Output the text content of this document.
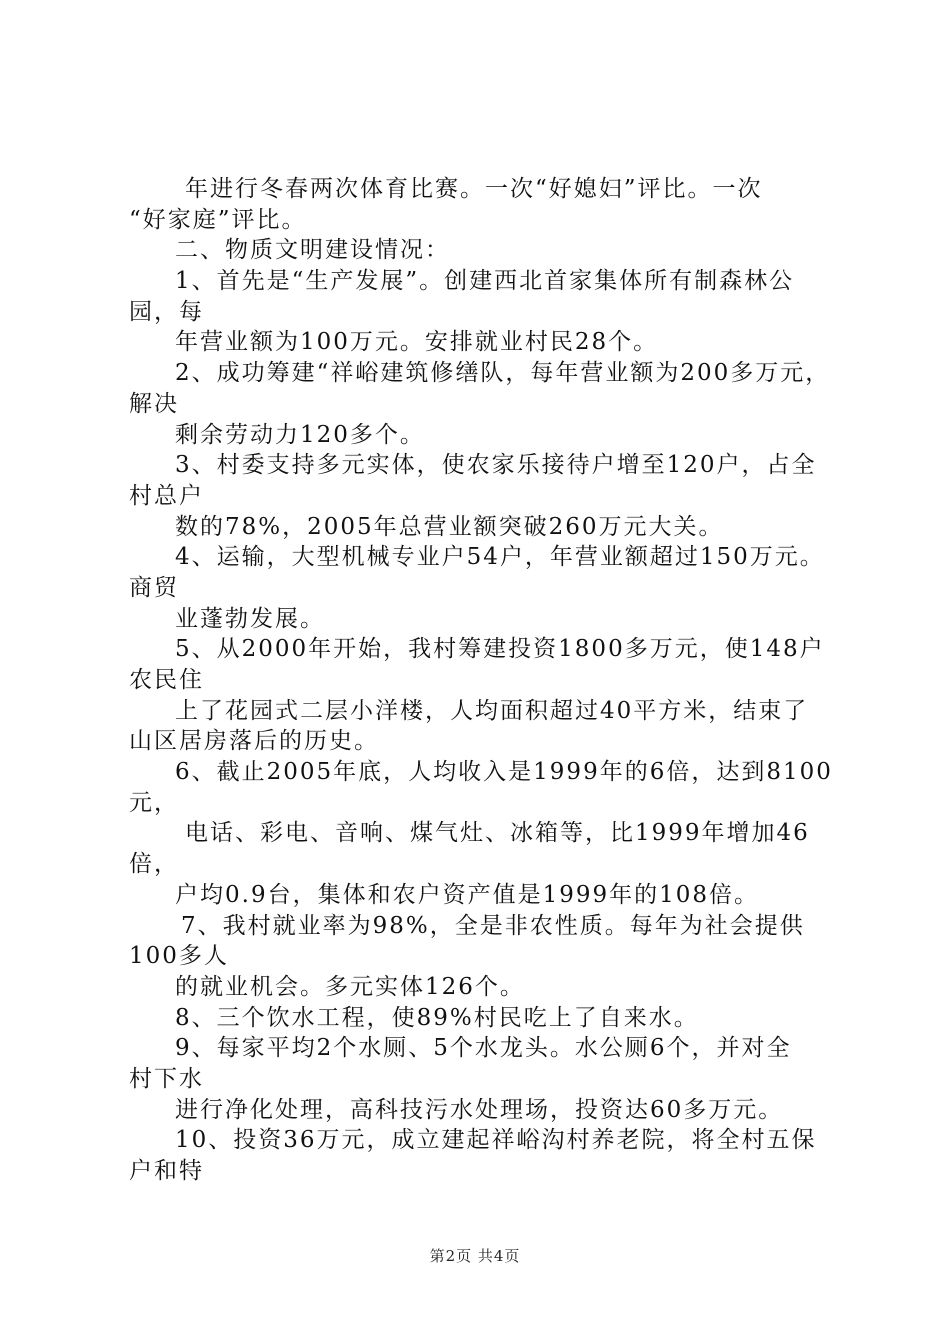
年进行冬春两次体育比赛。一次“好媳妇”评比。一次
“好家庭”评比。
二、物质文明建设情况：
1、首先是“生产发展”。创建西北首家集体所有制森林公
园，每
年营业额为100万元。安排就业村民28个。
2、成功筹建“祥峪建筑修缮队，每年营业额为200多万元，
解决
剩余劳动力120多个。
3、村委支持多元实体，使农家乐接待户增至120户，占全
村总户
数的78%，2005年总营业额突破260万元大关。
4、运输，大型机械专业户54户，年营业额超过150万元。
商贸
业蓬勃发展。
5、从2000年开始，我村筹建投资1800多万元，使148户
农民住
上了花园式二层小洋楼，人均面积超过40平方米，结束了
山区居房落后的历史。
6、截止2005年底，人均收入是1999年的6倍，达到8100
元，
电话、彩电、音响、煤气灶、冰箱等，比1999年增加46
倍，
户均0.9台，集体和农户资产值是1999年的108倍。
7、我村就业率为98%，全是非农性质。每年为社会提供
100多人
的就业机会。多元实体126个。
8、三个饮水工程，使89%村民吃上了自来水。
9、每家平均2个水厕、5个水龙头。水公厕6个，并对全
村下水
进行净化处理，高科技污水处理场，投资达60多万元。
10、投资36万元，成立建起祥峪沟村养老院，将全村五保
户和特
第2页 共4页
